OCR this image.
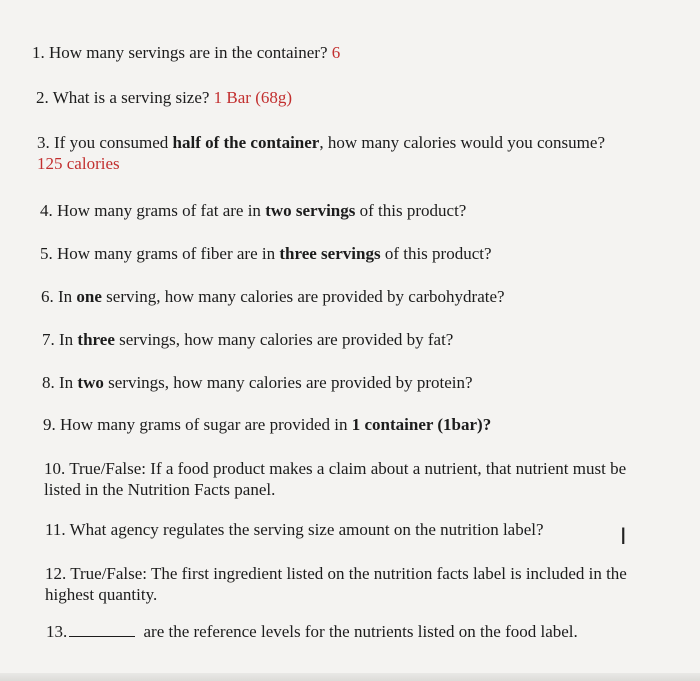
1. How many servings are in the container? 6
2. What is a serving size? 1 Bar (68g)
3. If you consumed half of the container, how many calories would you consume?
125 calories
4. How many grams of fat are in two servings of this product?
5. How many grams of fiber are in three servings of this product?
6. In one serving, how many calories are provided by carbohydrate?
7. In three servings, how many calories are provided by fat?
8. In two servings, how many calories are provided by protein?
9. How many grams of sugar are provided in 1 container (1bar)?
10. True/False: If a food product makes a claim about a nutrient, that nutrient must be listed in the Nutrition Facts panel.
11. What agency regulates the serving size amount on the nutrition label?
12. True/False: The first ingredient listed on the nutrition facts label is included in the highest quantity.
13.	are the reference levels for the nutrients listed on the food label.
I
